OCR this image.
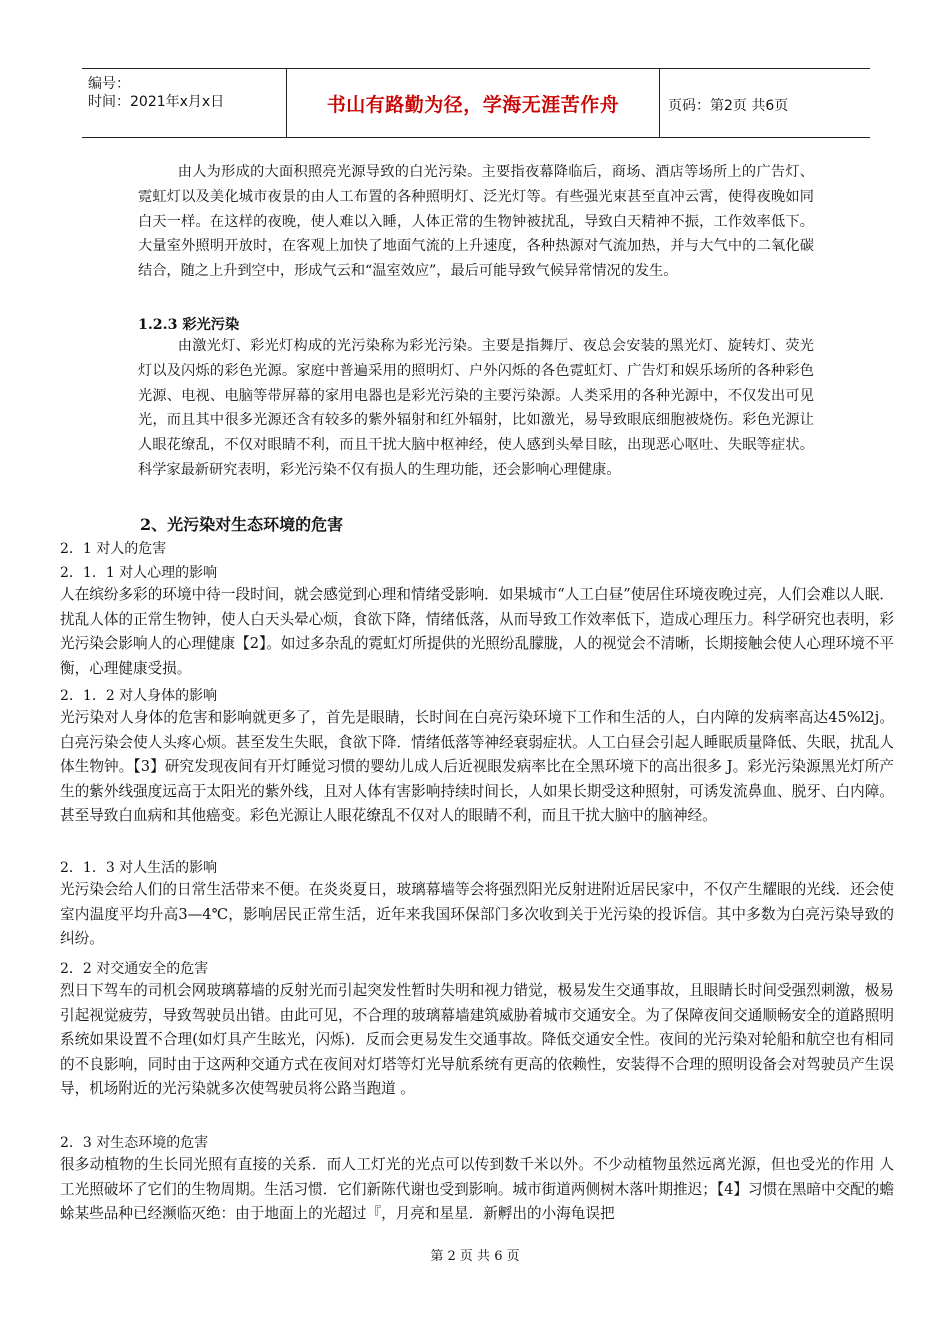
编号：
时间：2021年x月x日	书山有路勤为径，学海无涯苦作舟	页码：第2页 共6页

由人为形成的大面积照亮光源导致的白光污染。主要指夜幕降临后，商场、酒店等场所上的广告灯、霓虹灯以及美化城市夜景的由人工布置的各种照明灯、泛光灯等。有些强光束甚至直冲云霄，使得夜晚如同白天一样。在这样的夜晚，使人难以入睡，人体正常的生物钟被扰乱，导致白天精神不振，工作效率低下。大量室外照明开放时，在客观上加快了地面气流的上升速度，各种热源对气流加热，并与大气中的二氧化碳结合，随之上升到空中，形成气云和“温室效应”，最后可能导致气候异常情况的发生。

1.2.3 彩光污染

由激光灯、彩光灯构成的光污染称为彩光污染。主要是指舞厅、夜总会安装的黑光灯、旋转灯、荧光灯以及闪烁的彩色光源。家庭中普遍采用的照明灯、户外闪烁的各色霓虹灯、广告灯和娱乐场所的各种彩色光源、电视、电脑等带屏幕的家用电器也是彩光污染的主要污染源。人类采用的各种光源中，不仅发出可见光，而且其中很多光源还含有较多的紫外辐射和红外辐射，比如激光，易导致眼底细胞被烧伤。彩色光源让人眼花缭乱，不仅对眼睛不利，而且干扰大脑中枢神经，使人感到头晕目眩，出现恶心呕吐、失眠等症状。科学家最新研究表明，彩光污染不仅有损人的生理功能，还会影响心理健康。

2、光污染对生态环境的危害
2．1 对人的危害
2．1．1 对人心理的影响

人在缤纷多彩的环境中待一段时间，就会感觉到心理和情绪受影响．如果城市“人工白昼”使居住环境夜晚过亮，人们会难以人眠．扰乱人体的正常生物钟，使人白天头晕心烦，食欲下降，情绪低落，从而导致工作效率低下，造成心理压力。科学研究也表明，彩光污染会影响人的心理健康【2】。如过多杂乱的霓虹灯所提供的光照纷乱朦胧，人的视觉会不清晰，长期接触会使人心理环境不平衡，心理健康受损。

2．1．2 对人身体的影响

光污染对人身体的危害和影响就更多了，首先是眼睛，长时间在白亮污染环境下工作和生活的人，白内障的发病率高达45%l2j。白亮污染会使人头疼心烦。甚至发生失眠，食欲下降．情绪低落等神经衰弱症状。人工白昼会引起人睡眠质量降低、失眠，扰乱人体生物钟。【3】研究发现夜间有开灯睡觉习惯的婴幼儿成人后近视眼发病率比在全黑环境下的高出很多 J。彩光污染源黑光灯所产生的紫外线强度远高于太阳光的紫外线，且对人体有害影响持续时间长，人如果长期受这种照射，可诱发流鼻血、脱牙、白内障。甚至导致白血病和其他癌变。彩色光源让人眼花缭乱不仅对人的眼睛不利，而且干扰大脑中的脑神经。

2．1．3 对人生活的影响

光污染会给人们的日常生活带来不便。在炎炎夏日，玻璃幕墙等会将强烈阳光反射进附近居民家中，不仅产生耀眼的光线．还会使室内温度平均升高3—4℃，影响居民正常生活，近年来我国环保部门多次收到关于光污染的投诉信。其中多数为白亮污染导致的纠纷。

2．2 对交通安全的危害

烈日下驾车的司机会网玻璃幕墙的反射光而引起突发性暂时失明和视力错觉，极易发生交通事故，且眼睛长时间受强烈刺激，极易引起视觉疲劳，导致驾驶员出错。由此可见，不合理的玻璃幕墙建筑威胁着城市交通安全。为了保障夜间交通顺畅安全的道路照明系统如果设置不合理(如灯具产生眩光，闪烁)．反而会更易发生交通事故。降低交通安全性。夜间的光污染对轮船和航空也有相同的不良影响，同时由于这两种交通方式在夜间对灯塔等灯光导航系统有更高的依赖性，安装得不合理的照明设备会对驾驶员产生误导，机场附近的光污染就多次使驾驶员将公路当跑道 。

2．3 对生态环境的危害

很多动植物的生长同光照有直接的关系．而人工灯光的光点可以传到数千米以外。不少动植物虽然远离光源，但也受光的作用 人工光照破坏了它们的生物周期。生活习惯．它们新陈代谢也受到影响。城市街道两侧树木落叶期推迟；【4】习惯在黑暗中交配的蟾蜍某些品种已经濒临灭绝：由于地面上的光超过『，月亮和星星．新孵出的小海龟误把

第 2 页 共 6 页
